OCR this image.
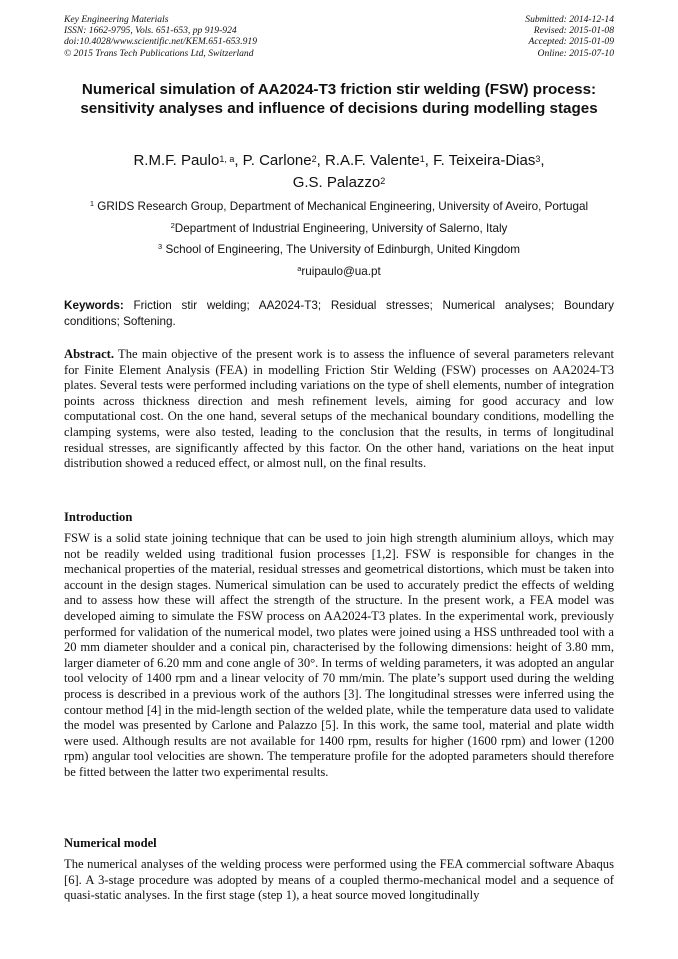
Key Engineering Materials
ISSN: 1662-9795, Vols. 651-653, pp 919-924
doi:10.4028/www.scientific.net/KEM.651-653.919
© 2015 Trans Tech Publications Ltd, Switzerland
Submitted: 2014-12-14
Revised: 2015-01-08
Accepted: 2015-01-09
Online: 2015-07-10
Numerical simulation of AA2024-T3 friction stir welding (FSW) process:
sensitivity analyses and influence of decisions during modelling stages
R.M.F. Paulo$^{1, a}$, P. Carlone$^2$, R.A.F. Valente$^1$, F. Teixeira-Dias$^3$,
G.S. Palazzo$^2$
$^1$ GRIDS Research Group, Department of Mechanical Engineering, University of Aveiro, Portugal
$^2$Department of Industrial Engineering, University of Salerno, Italy
$^3$ School of Engineering, The University of Edinburgh, United Kingdom
$^a$ruipaulo@ua.pt
Keywords: Friction stir welding; AA2024-T3; Residual stresses; Numerical analyses; Boundary conditions; Softening.
Abstract. The main objective of the present work is to assess the influence of several parameters relevant for Finite Element Analysis (FEA) in modelling Friction Stir Welding (FSW) processes on AA2024-T3 plates. Several tests were performed including variations on the type of shell elements, number of integration points across thickness direction and mesh refinement levels, aiming for good accuracy and low computational cost. On the one hand, several setups of the mechanical boundary conditions, modelling the clamping systems, were also tested, leading to the conclusion that the results, in terms of longitudinal residual stresses, are significantly affected by this factor. On the other hand, variations on the heat input distribution showed a reduced effect, or almost null, on the final results.
Introduction
FSW is a solid state joining technique that can be used to join high strength aluminium alloys, which may not be readily welded using traditional fusion processes [1,2]. FSW is responsible for changes in the mechanical properties of the material, residual stresses and geometrical distortions, which must be taken into account in the design stages. Numerical simulation can be used to accurately predict the effects of welding and to assess how these will affect the strength of the structure. In the present work, a FEA model was developed aiming to simulate the FSW process on AA2024-T3 plates. In the experimental work, previously performed for validation of the numerical model, two plates were joined using a HSS unthreaded tool with a 20 mm diameter shoulder and a conical pin, characterised by the following dimensions: height of 3.80 mm, larger diameter of 6.20 mm and cone angle of 30°. In terms of welding parameters, it was adopted an angular tool velocity of 1400 rpm and a linear velocity of 70 mm/min. The plate’s support used during the welding process is described in a previous work of the authors [3]. The longitudinal stresses were inferred using the contour method [4] in the mid-length section of the welded plate, while the temperature data used to validate the model was presented by Carlone and Palazzo [5]. In this work, the same tool, material and plate width were used. Although results are not available for 1400 rpm, results for higher (1600 rpm) and lower (1200 rpm) angular tool velocities are shown. The temperature profile for the adopted parameters should therefore be fitted between the latter two experimental results.
Numerical model
The numerical analyses of the welding process were performed using the FEA commercial software Abaqus [6]. A 3-stage procedure was adopted by means of a coupled thermo-mechanical model and a sequence of quasi-static analyses. In the first stage (step 1), a heat source moved longitudinally
